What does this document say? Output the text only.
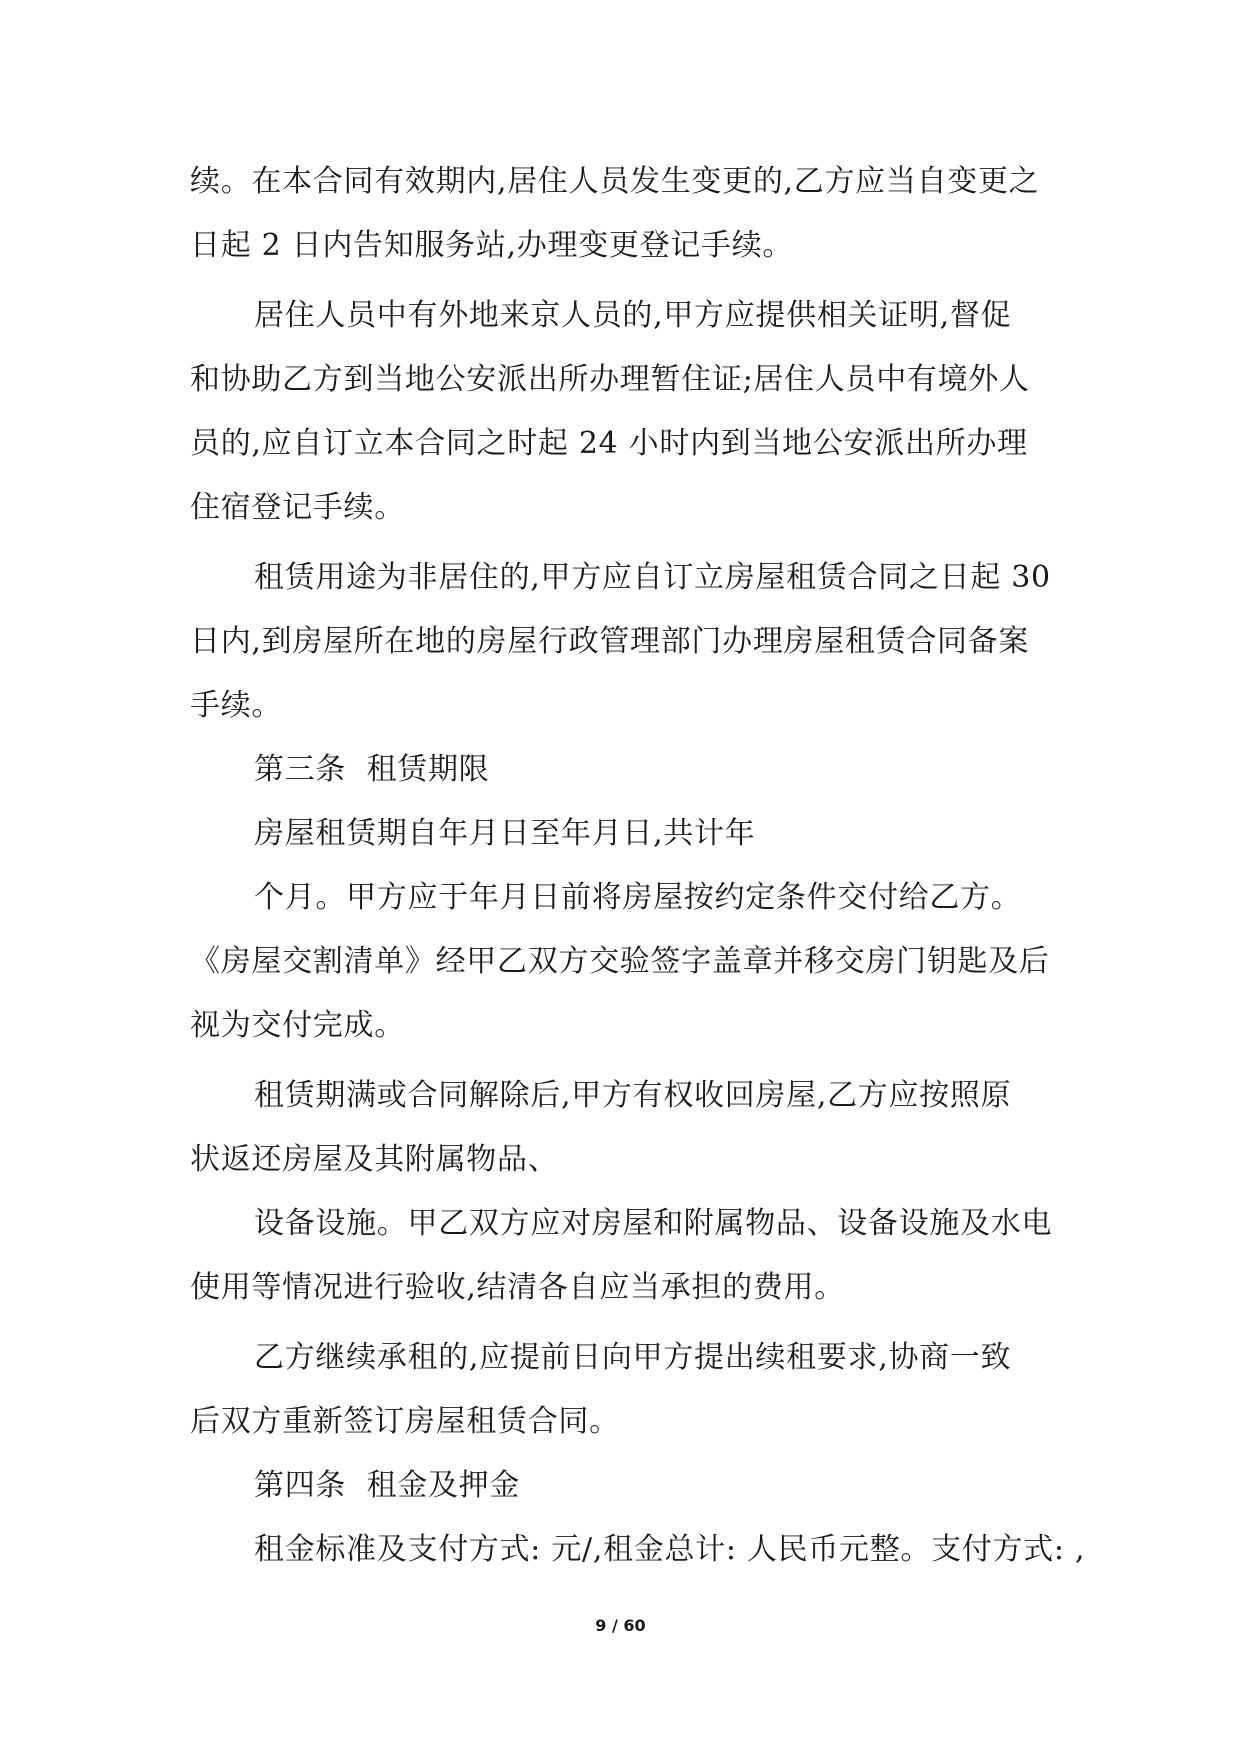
续。在本合同有效期内,居住人员发生变更的,乙方应当自变更之
日起 2 日内告知服务站,办理变更登记手续。
居住人员中有外地来京人员的,甲方应提供相关证明,督促
和协助乙方到当地公安派出所办理暂住证;居住人员中有境外人
员的,应自订立本合同之时起 24 小时内到当地公安派出所办理
住宿登记手续。
租赁用途为非居住的,甲方应自订立房屋租赁合同之日起 30
日内,到房屋所在地的房屋行政管理部门办理房屋租赁合同备案
手续。
第三条  租赁期限
房屋租赁期自年月日至年月日,共计年
个月。甲方应于年月日前将房屋按约定条件交付给乙方。
《房屋交割清单》经甲乙双方交验签字盖章并移交房门钥匙及后
视为交付完成。
租赁期满或合同解除后,甲方有权收回房屋,乙方应按照原
状返还房屋及其附属物品、
设备设施。甲乙双方应对房屋和附属物品、设备设施及水电
使用等情况进行验收,结清各自应当承担的费用。
乙方继续承租的,应提前日向甲方提出续租要求,协商一致
后双方重新签订房屋租赁合同。
第四条  租金及押金
租金标准及支付方式: 元/,租金总计: 人民币元整。支付方式: ,
9 / 60
